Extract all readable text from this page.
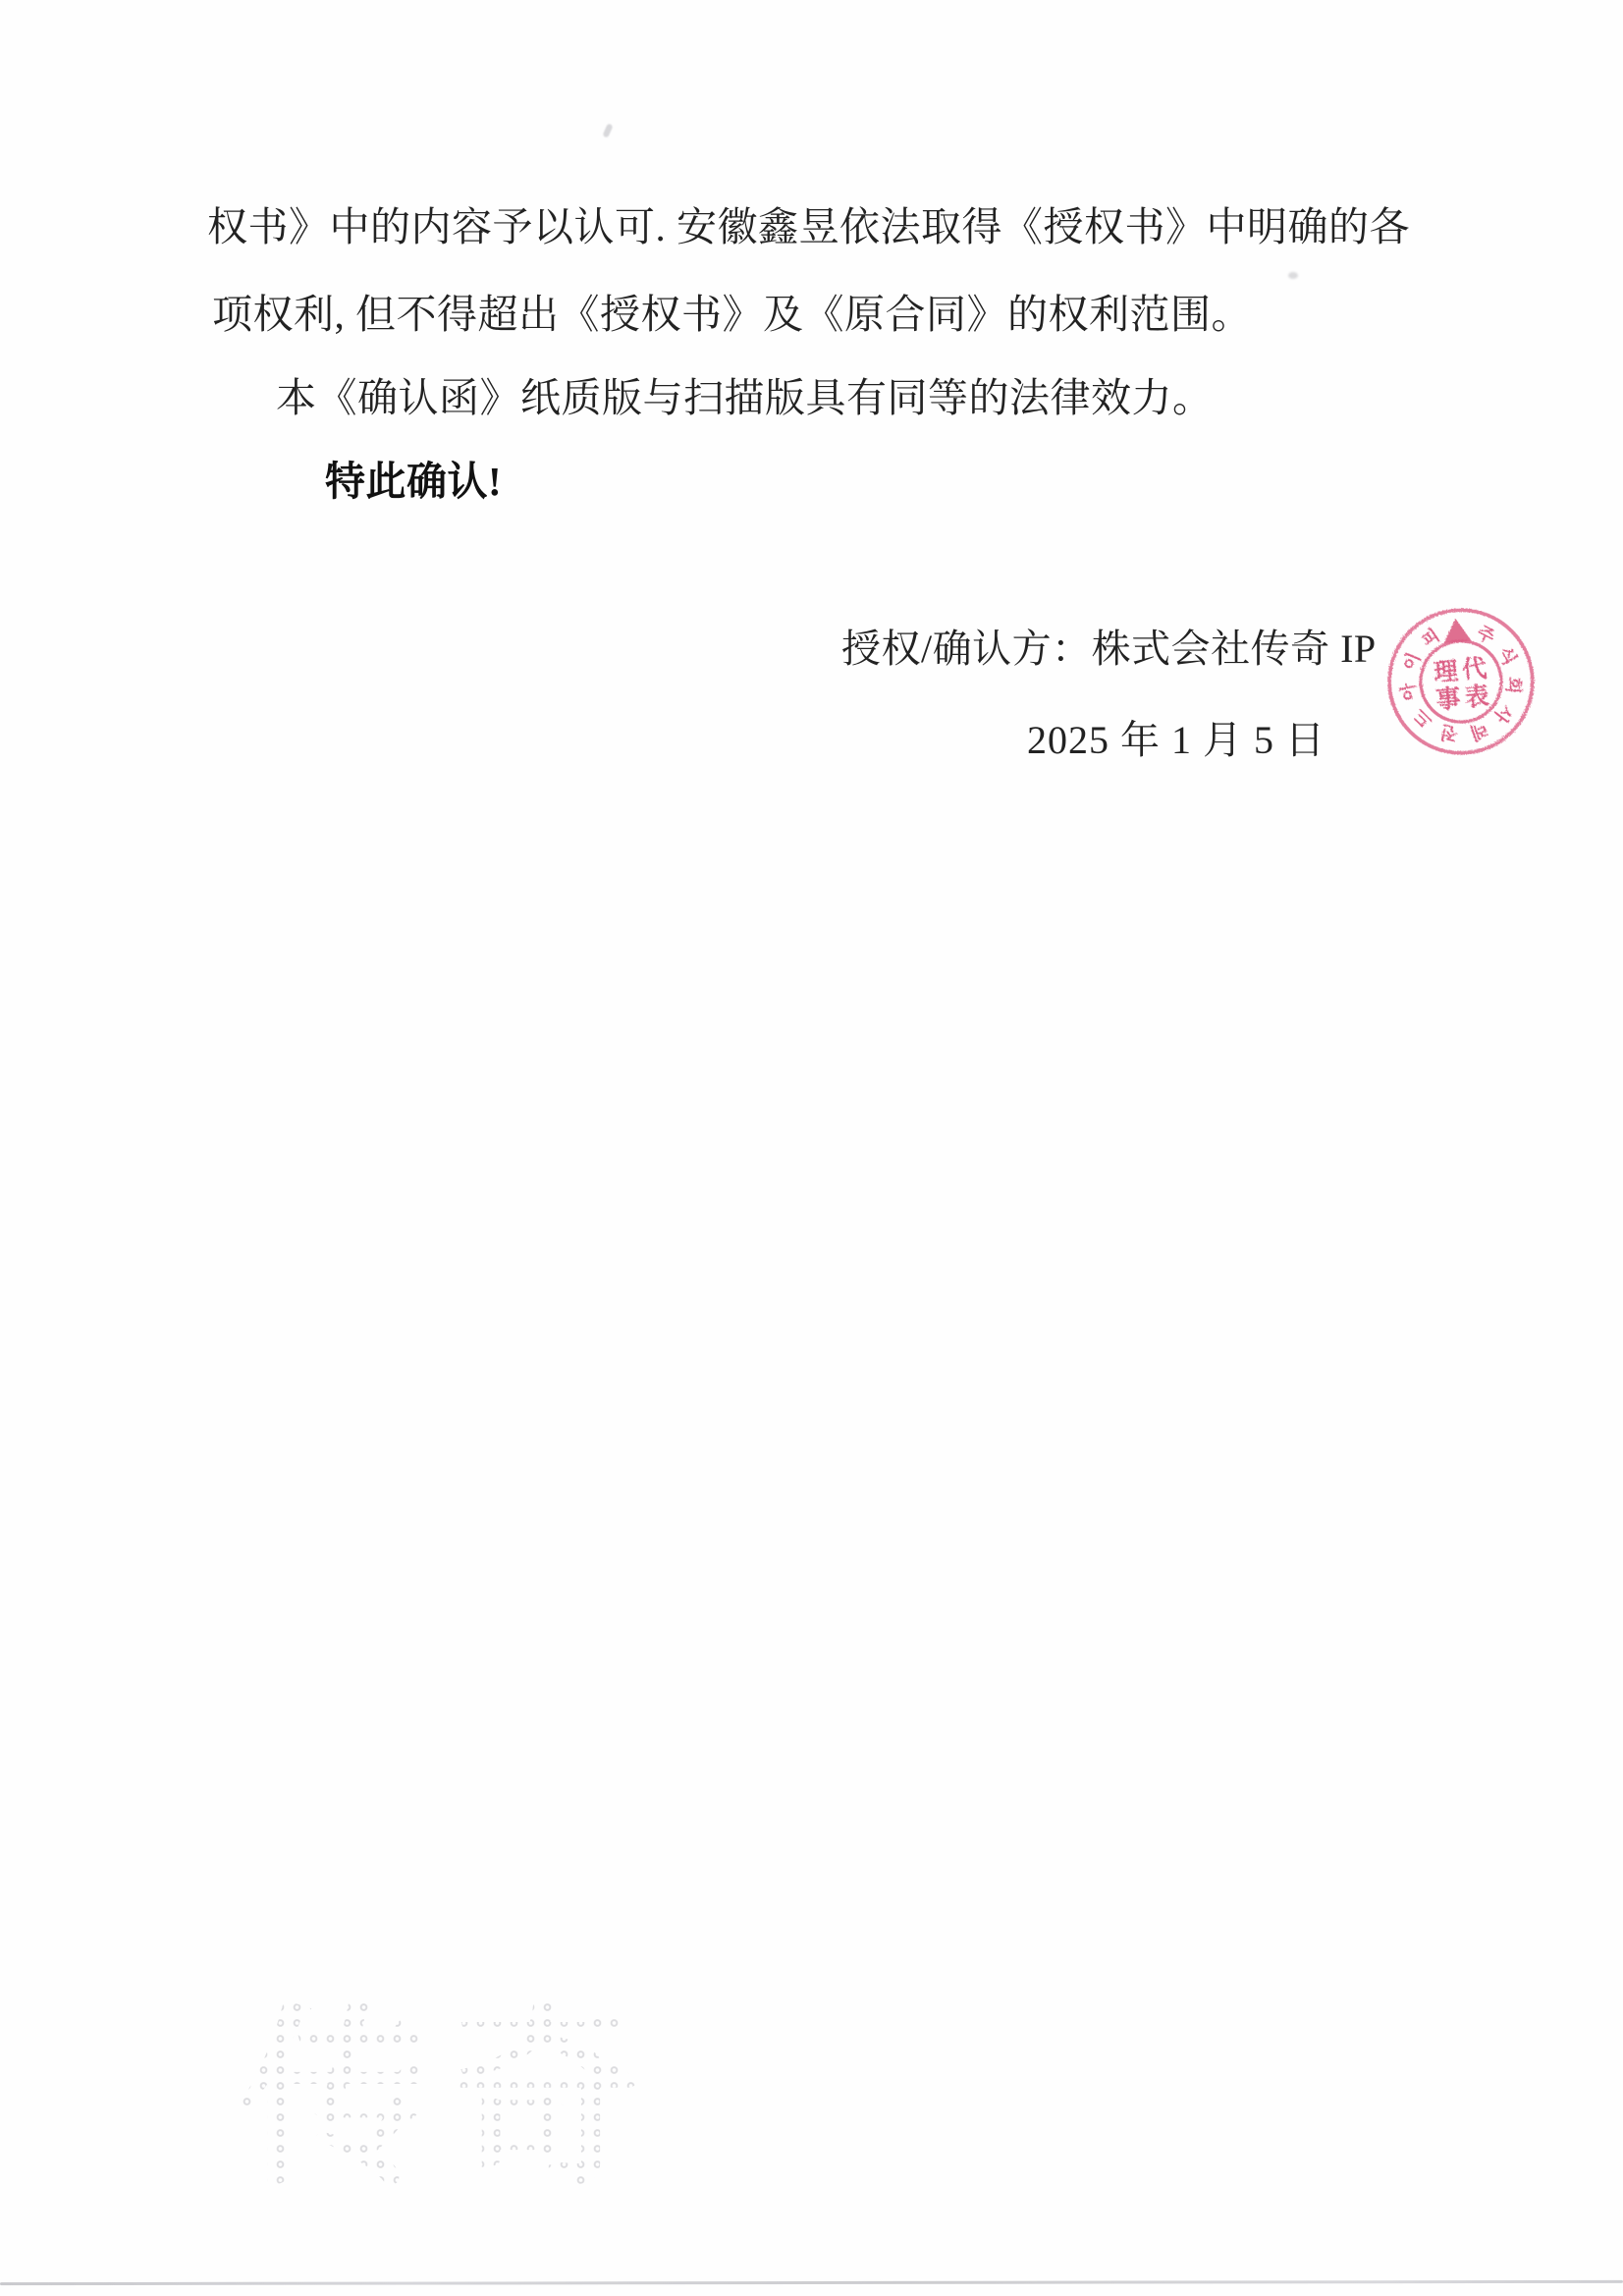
权书》中的内容予以认可. 安徽鑫昱依法取得《授权书》中明确的各

项权利, 但不得超出《授权书》及《原合同》的权利范围。

本《确认函》纸质版与扫描版具有同等的法律效力。

特此确认!

授权/确认方：株式会社传奇 IP

2025 年 1 月 5 日

주
식
회
사
레
전
드
아
이
피
代
表
理
事

传奇
